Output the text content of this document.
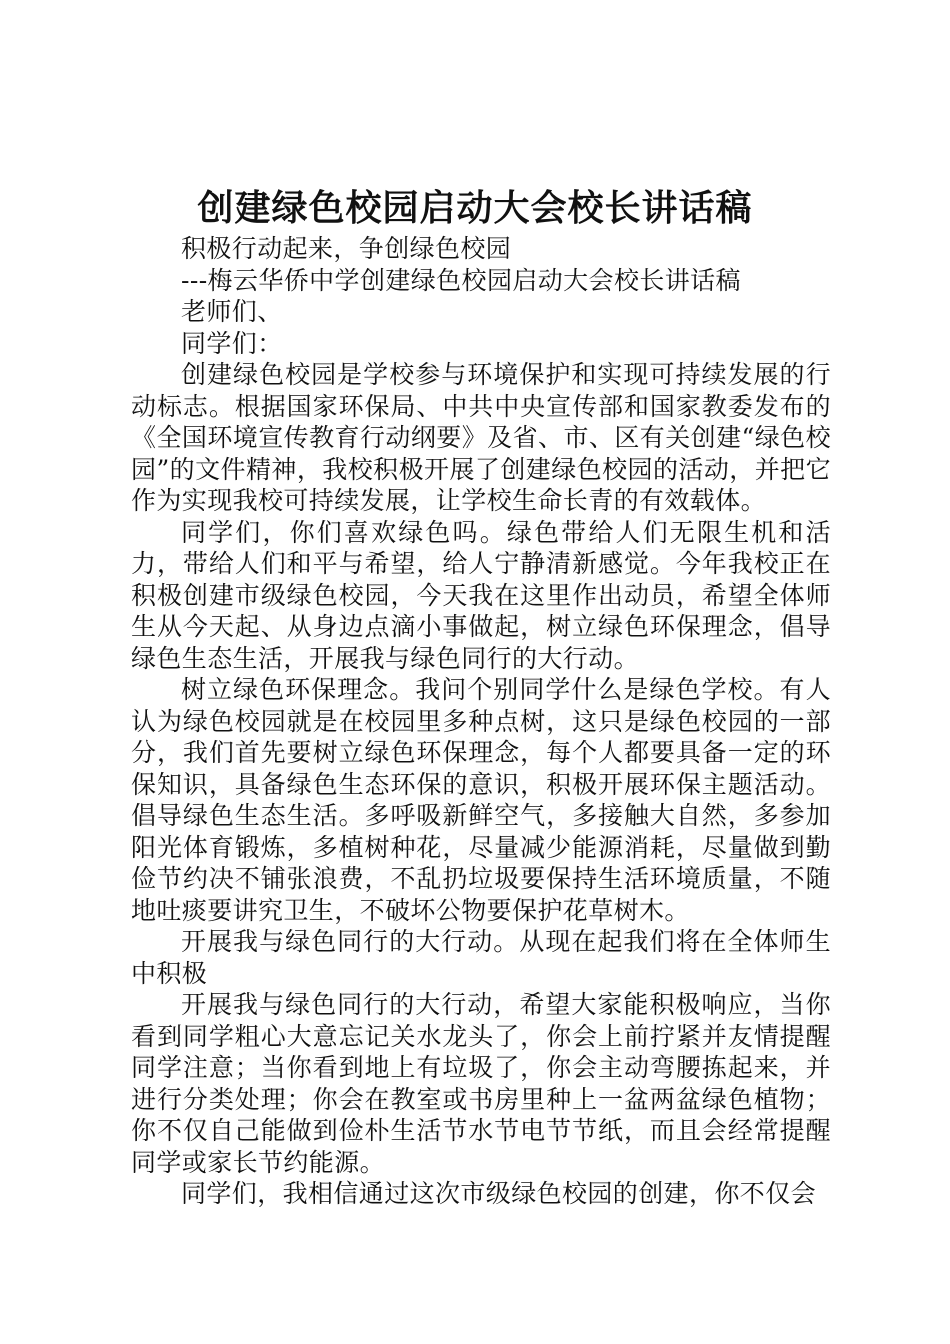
创建绿色校园启动大会校长讲话稿

积极行动起来，争创绿色校园

---梅云华侨中学创建绿色校园启动大会校长讲话稿

老师们、

同学们：

创建绿色校园是学校参与环境保护和实现可持续发展的行动标志。根据国家环保局、中共中央宣传部和国家教委发布的《全国环境宣传教育行动纲要》及省、市、区有关创建“绿色校园”的文件精神，我校积极开展了创建绿色校园的活动，并把它作为实现我校可持续发展，让学校生命长青的有效载体。

同学们，你们喜欢绿色吗。绿色带给人们无限生机和活力，带给人们和平与希望，给人宁静清新感觉。今年我校正在积极创建市级绿色校园，今天我在这里作出动员，希望全体师生从今天起、从身边点滴小事做起，树立绿色环保理念，倡导绿色生态生活，开展我与绿色同行的大行动。

树立绿色环保理念。我问个别同学什么是绿色学校。有人认为绿色校园就是在校园里多种点树，这只是绿色校园的一部分，我们首先要树立绿色环保理念，每个人都要具备一定的环保知识，具备绿色生态环保的意识，积极开展环保主题活动。倡导绿色生态生活。多呼吸新鲜空气，多接触大自然，多参加阳光体育锻炼，多植树种花，尽量减少能源消耗，尽量做到勤俭节约决不铺张浪费，不乱扔垃圾要保持生活环境质量，不随地吐痰要讲究卫生，不破坏公物要保护花草树木。

开展我与绿色同行的大行动。从现在起我们将在全体师生中积极

开展我与绿色同行的大行动，希望大家能积极响应，当你看到同学粗心大意忘记关水龙头了，你会上前拧紧并友情提醒同学注意；当你看到地上有垃圾了，你会主动弯腰拣起来，并进行分类处理；你会在教室或书房里种上一盆两盆绿色植物；你不仅自己能做到俭朴生活节水节电节节纸，而且会经常提醒同学或家长节约能源。

同学们，我相信通过这次市级绿色校园的创建，你不仅会
